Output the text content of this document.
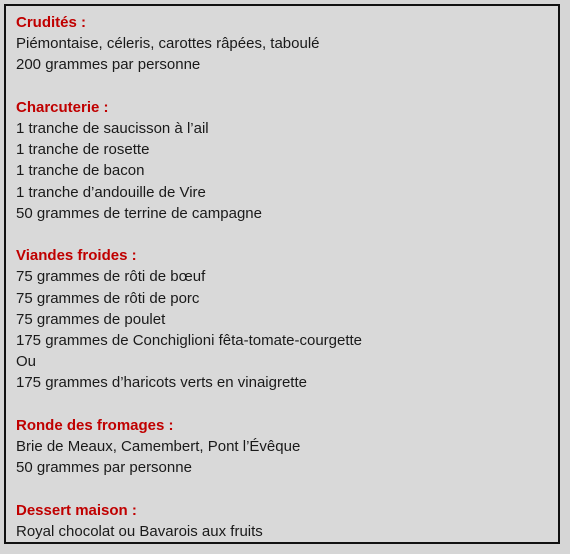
Crudités :
Piémontaise, céleris, carottes râpées, taboulé
200 grammes par personne
Charcuterie :
1 tranche de saucisson à l’ail
1 tranche de rosette
1 tranche de bacon
1 tranche d’andouille de Vire
50 grammes de terrine de campagne
Viandes froides :
75 grammes de rôti de bœuf
75 grammes de rôti de porc
75 grammes de poulet
175 grammes de Conchiglioni fêta-tomate-courgette
Ou
175 grammes d’haricots verts en vinaigrette
Ronde des fromages :
Brie de Meaux, Camembert, Pont l’Évêque
50 grammes par personne
Dessert maison :
Royal chocolat ou Bavarois aux fruits
